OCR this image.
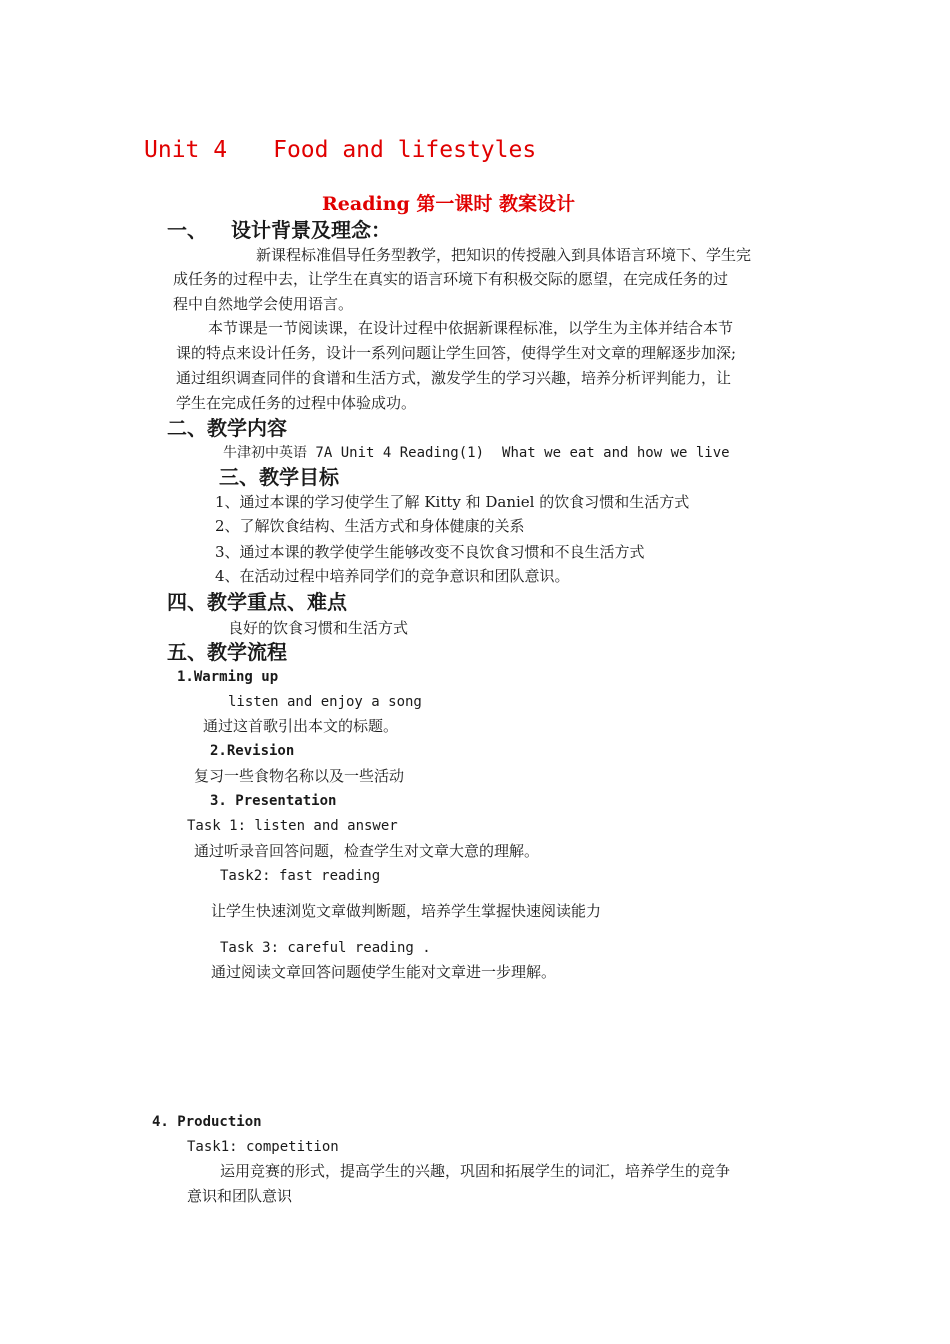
Unit 4 Food and lifestyles
Reading 第一课时 教案设计
一、 设计背景及理念：
新课程标准倡导任务型教学，把知识的传授融入到具体语言环境下、学生完
成任务的过程中去，让学生在真实的语言环境下有积极交际的愿望，在完成任务的过
程中自然地学会使用语言。
本节课是一节阅读课，在设计过程中依据新课程标准，以学生为主体并结合本节
课的特点来设计任务，设计一系列问题让学生回答，使得学生对文章的理解逐步加深;
通过组织调查同伴的食谱和生活方式，激发学生的学习兴趣，培养分析评判能力，让
学生在完成任务的过程中体验成功。
二、教学内容
牛津初中英语 7A Unit 4 Reading(1) What we eat and how we live
三、教学目标
1、通过本课的学习使学生了解 Kitty 和 Daniel 的饮食习惯和生活方式
2、了解饮食结构、生活方式和身体健康的关系
3、通过本课的教学使学生能够改变不良饮食习惯和不良生活方式
4、在活动过程中培养同学们的竞争意识和团队意识。
四、教学重点、难点
良好的饮食习惯和生活方式
五、教学流程
1.Warming up
listen and enjoy a song
通过这首歌引出本文的标题。
2.Revision
复习一些食物名称以及一些活动
3. Presentation
Task 1: listen and answer
通过听录音回答问题，检查学生对文章大意的理解。
Task2: fast reading
让学生快速浏览文章做判断题，培养学生掌握快速阅读能力
Task 3: careful reading .
通过阅读文章回答问题使学生能对文章进一步理解。
4. Production
Task1: competition
运用竞赛的形式，提高学生的兴趣，巩固和拓展学生的词汇，培养学生的竞争
意识和团队意识
